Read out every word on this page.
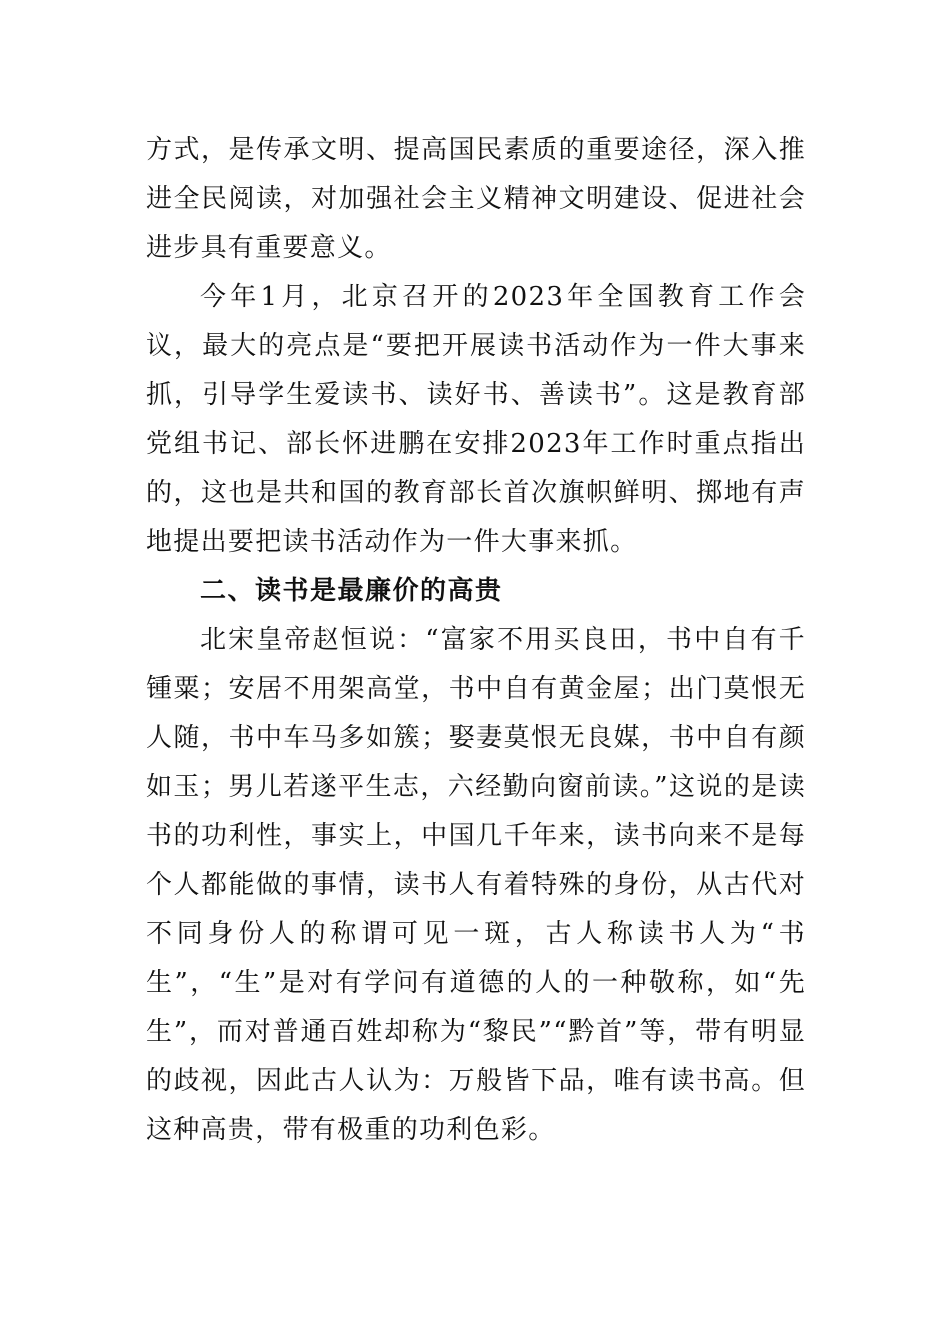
方式，是传承文明、提高国民素质的重要途径，深入推进全民阅读，对加强社会主义精神文明建设、促进社会进步具有重要意义。

今年1月，北京召开的2023年全国教育工作会议，最大的亮点是“要把开展读书活动作为一件大事来抓，引导学生爱读书、读好书、善读书”。这是教育部党组书记、部长怀进鹏在安排2023年工作时重点指出的，这也是共和国的教育部长首次旗帜鲜明、掷地有声地提出要把读书活动作为一件大事来抓。

二、读书是最廉价的高贵

北宋皇帝赵恒说：“富家不用买良田，书中自有千锺粟；安居不用架高堂，书中自有黄金屋；出门莫恨无人随，书中车马多如簇；娶妻莫恨无良媒，书中自有颜如玉；男儿若遂平生志，六经勤向窗前读。”这说的是读书的功利性，事实上，中国几千年来，读书向来不是每个人都能做的事情，读书人有着特殊的身份，从古代对不同身份人的称谓可见一斑，古人称读书人为“书生”，“生”是对有学问有道德的人的一种敬称，如“先生”，而对普通百姓却称为“黎民”“黔首”等，带有明显的歧视，因此古人认为：万般皆下品，唯有读书高。但这种高贵，带有极重的功利色彩。
